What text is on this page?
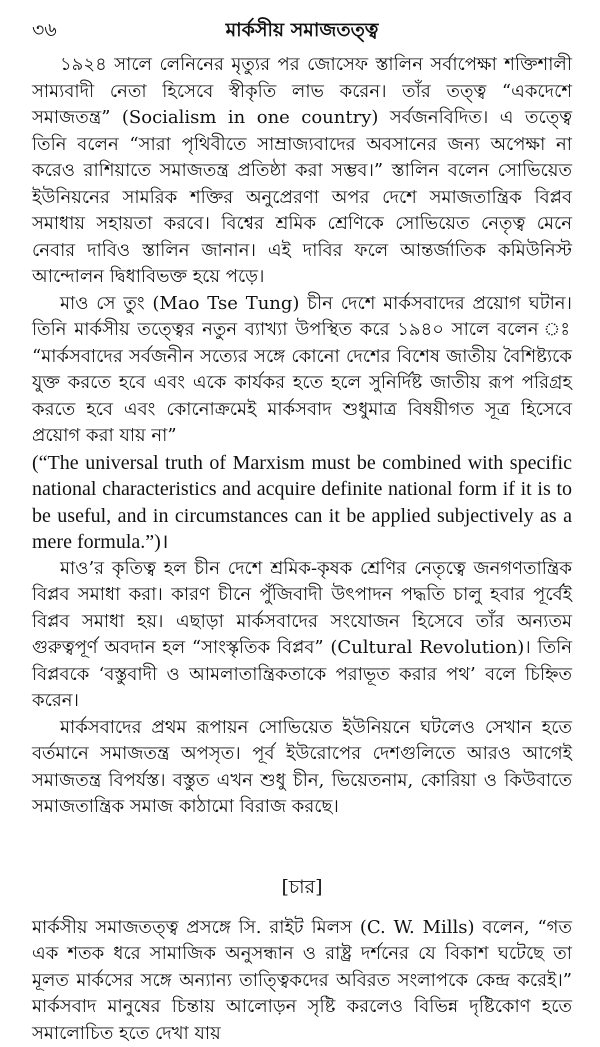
৩৬	মার্কসীয় সমাজতত্ত্ব

১৯২৪ সালে লেনিনের মৃত্যুর পর জোসেফ স্তালিন সর্বাপেক্ষা শক্তিশালী সাম্যবাদী নেতা হিসেবে স্বীকৃতি লাভ করেন। তাঁর তত্ত্ব “একদেশে সমাজতন্ত্র” (Socialism in one country) সর্বজনবিদিত। এ তত্ত্বে তিনি বলেন “সারা পৃথিবীতে সাম্রাজ্যবাদের অবসানের জন্য অপেক্ষা না করেও রাশিয়াতে সমাজতন্ত্র প্রতিষ্ঠা করা সম্ভব।” স্তালিন বলেন সোভিয়েত ইউনিয়নের সামরিক শক্তির অনুপ্রেরণা অপর দেশে সমাজতান্ত্রিক বিপ্লব সমাধায় সহায়তা করবে। বিশ্বের শ্রমিক শ্রেণিকে সোভিয়েত নেতৃত্ব মেনে নেবার দাবিও স্তালিন জানান। এই দাবির ফলে আন্তর্জাতিক কমিউনিস্ট আন্দোলন দ্বিধাবিভক্ত হয়ে পড়ে।

মাও সে তুং (Mao Tse Tung) চীন দেশে মার্কসবাদের প্রয়োগ ঘটান। তিনি মার্কসীয় তত্ত্বের নতুন ব্যাখ্যা উপস্থিত করে ১৯৪০ সালে বলেন ঃ “মার্কসবাদের সর্বজনীন সত্যের সঙ্গে কোনো দেশের বিশেষ জাতীয় বৈশিষ্ট্যকে যুক্ত করতে হবে এবং একে কার্যকর হতে হলে সুনির্দিষ্ট জাতীয় রূপ পরিগ্রহ করতে হবে এবং কোনোক্রমেই মার্কসবাদ শুধুমাত্র বিষয়ীগত সূত্র হিসেবে প্রয়োগ করা যায় না”

(“The universal truth of Marxism must be combined with specific national characteristics and acquire definite national form if it is to be useful, and in circumstances can it be applied subjectively as a mere formula.”)।

মাও’র কৃতিত্ব হল চীন দেশে শ্রমিক-কৃষক শ্রেণির নেতৃত্বে জনগণতান্ত্রিক বিপ্লব সমাধা করা। কারণ চীনে পুঁজিবাদী উৎপাদন পদ্ধতি চালু হবার পূর্বেই বিপ্লব সমাধা হয়। এছাড়া মার্কসবাদের সংযোজন হিসেবে তাঁর অন্যতম গুরুত্বপূর্ণ অবদান হল “সাংস্কৃতিক বিপ্লব” (Cultural Revolution)। তিনি বিপ্লবকে ‘বস্তুবাদী ও আমলাতান্ত্রিকতাকে পরাভূত করার পথ’ বলে চিহ্নিত করেন।

মার্কসবাদের প্রথম রূপায়ন সোভিয়েত ইউনিয়নে ঘটলেও সেখান হতে বর্তমানে সমাজতন্ত্র অপসৃত। পূর্ব ইউরোপের দেশগুলিতে আরও আগেই সমাজতন্ত্র বিপর্যস্ত। বস্তুত এখন শুধু চীন, ভিয়েতনাম, কোরিয়া ও কিউবাতে সমাজতান্ত্রিক সমাজ কাঠামো বিরাজ করছে।

[চার]

মার্কসীয় সমাজতত্ত্ব প্রসঙ্গে সি. রাইট মিলস (C. W. Mills) বলেন, “গত এক শতক ধরে সামাজিক অনুসন্ধান ও রাষ্ট্র দর্শনের যে বিকাশ ঘটেছে তা মূলত মার্কসের সঙ্গে অন্যান্য তাত্ত্বিকদের অবিরত সংলাপকে কেন্দ্র করেই।” মার্কসবাদ মানুষের চিন্তায় আলোড়ন সৃষ্টি করলেও বিভিন্ন দৃষ্টিকোণ হতে সমালোচিত হতে দেখা যায়
